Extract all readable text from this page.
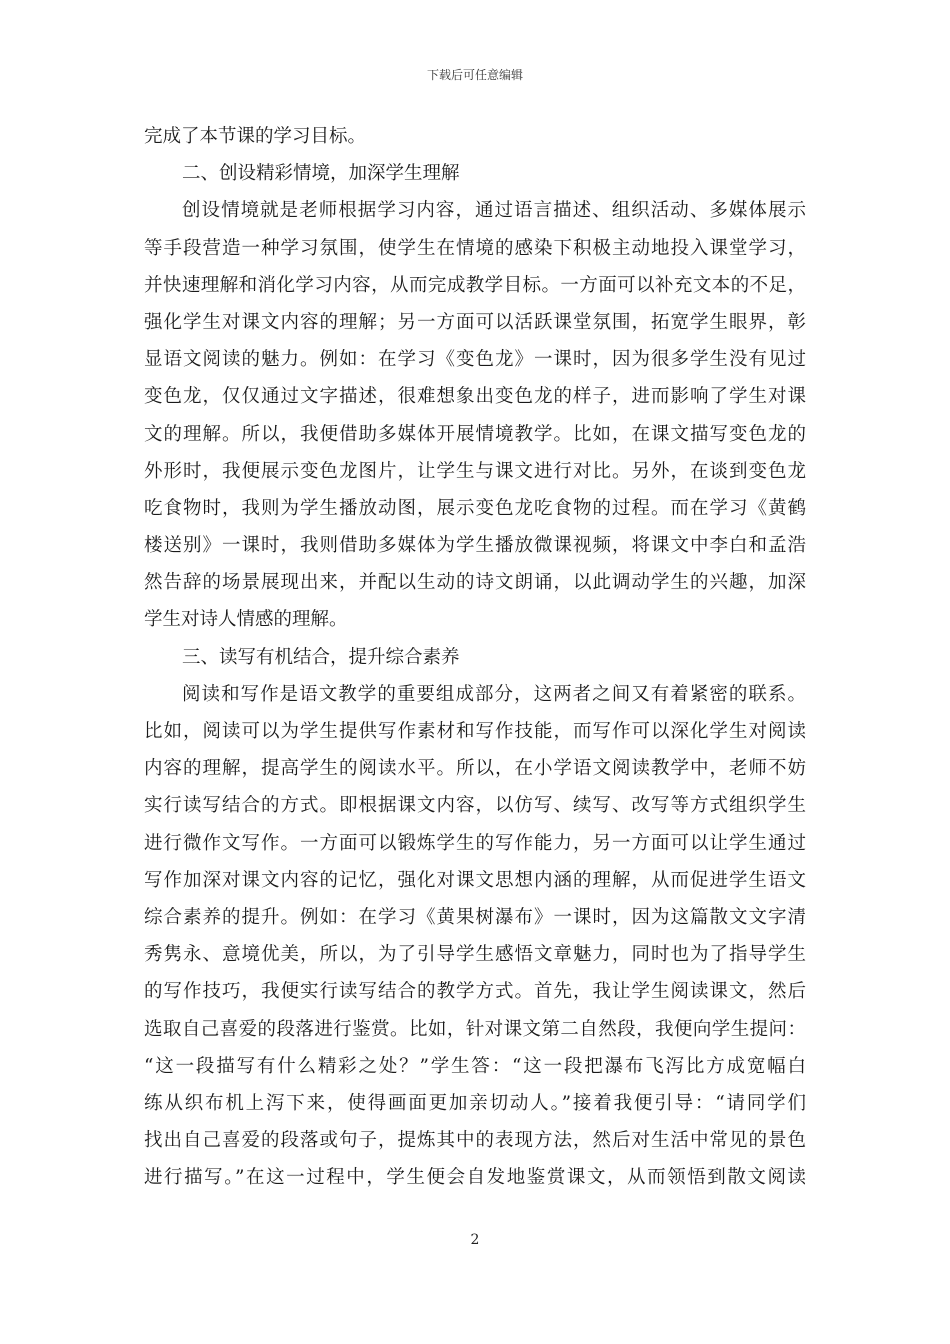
下载后可任意编辑
完成了本节课的学习目标。
二、创设精彩情境，加深学生理解
创设情境就是老师根据学习内容，通过语言描述、组织活动、多媒体展示
等手段营造一种学习氛围，使学生在情境的感染下积极主动地投入课堂学习，
并快速理解和消化学习内容，从而完成教学目标。一方面可以补充文本的不足，
强化学生对课文内容的理解；另一方面可以活跃课堂氛围，拓宽学生眼界，彰
显语文阅读的魅力。例如：在学习《变色龙》一课时，因为很多学生没有见过
变色龙，仅仅通过文字描述，很难想象出变色龙的样子，进而影响了学生对课
文的理解。所以，我便借助多媒体开展情境教学。比如，在课文描写变色龙的
外形时，我便展示变色龙图片，让学生与课文进行对比。另外，在谈到变色龙
吃食物时，我则为学生播放动图，展示变色龙吃食物的过程。而在学习《黄鹤
楼送别》一课时，我则借助多媒体为学生播放微课视频，将课文中李白和孟浩
然告辞的场景展现出来，并配以生动的诗文朗诵，以此调动学生的兴趣，加深
学生对诗人情感的理解。
三、读写有机结合，提升综合素养
阅读和写作是语文教学的重要组成部分，这两者之间又有着紧密的联系。
比如，阅读可以为学生提供写作素材和写作技能，而写作可以深化学生对阅读
内容的理解，提高学生的阅读水平。所以，在小学语文阅读教学中，老师不妨
实行读写结合的方式。即根据课文内容，以仿写、续写、改写等方式组织学生
进行微作文写作。一方面可以锻炼学生的写作能力，另一方面可以让学生通过
写作加深对课文内容的记忆，强化对课文思想内涵的理解，从而促进学生语文
综合素养的提升。例如：在学习《黄果树瀑布》一课时，因为这篇散文文字清
秀隽永、意境优美，所以，为了引导学生感悟文章魅力，同时也为了指导学生
的写作技巧，我便实行读写结合的教学方式。首先，我让学生阅读课文，然后
选取自己喜爱的段落进行鉴赏。比如，针对课文第二自然段，我便向学生提问：
“这一段描写有什么精彩之处？”学生答：“这一段把瀑布飞泻比方成宽幅白
练从织布机上泻下来，使得画面更加亲切动人。”接着我便引导：“请同学们
找出自己喜爱的段落或句子，提炼其中的表现方法，然后对生活中常见的景色
进行描写。”在这一过程中，学生便会自发地鉴赏课文，从而领悟到散文阅读
2
